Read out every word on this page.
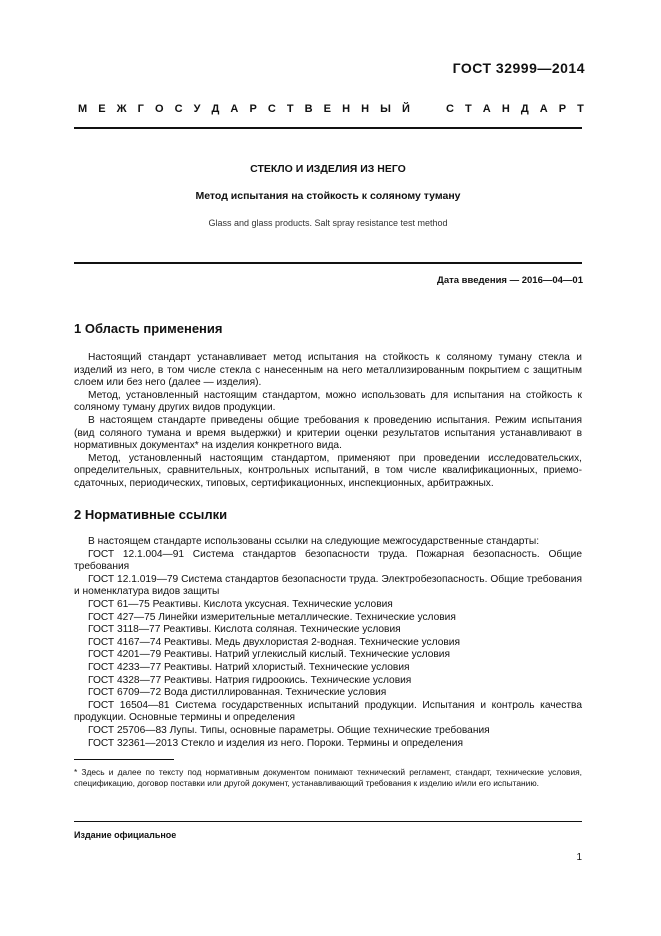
ГОСТ 32999—2014
М Е Ж Г О С У Д А Р С Т В Е Н Н Ы Й	С Т А Н Д А Р Т
СТЕКЛО И ИЗДЕЛИЯ ИЗ НЕГО
Метод испытания на стойкость к соляному туману
Glass and glass products. Salt spray resistance test method
Дата введения — 2016—04—01
1 Область применения

Настоящий стандарт устанавливает метод испытания на стойкость к соляному туману стекла и изделий из него, в том числе стекла с нанесенным на него металлизированным покрытием с защитным слоем или без него (далее — изделия).

Метод, установленный настоящим стандартом, можно использовать для испытания на стойкость к соляному туману других видов продукции.

В настоящем стандарте приведены общие требования к проведению испытания. Режим испытания (вид соляного тумана и время выдержки) и критерии оценки результатов испытания устанавливают в нормативных документах* на изделия конкретного вида.

Метод, установленный настоящим стандартом, применяют при проведении исследовательских, определительных, сравнительных, контрольных испытаний, в том числе квалификационных, приемо-сдаточных, периодических, типовых, сертификационных, инспекционных, арбитражных.

2 Нормативные ссылки

В настоящем стандарте использованы ссылки на следующие межгосударственные стандарты:

ГОСТ 12.1.004—91 Система стандартов безопасности труда. Пожарная безопасность. Общие требования

ГОСТ 12.1.019—79 Система стандартов безопасности труда. Электробезопасность. Общие требования и номенклатура видов защиты

ГОСТ 61—75 Реактивы. Кислота уксусная. Технические условия

ГОСТ 427—75 Линейки измерительные металлические. Технические условия

ГОСТ 3118—77 Реактивы. Кислота соляная. Технические условия

ГОСТ 4167—74 Реактивы. Медь двухлористая 2-водная. Технические условия

ГОСТ 4201—79 Реактивы. Натрий углекислый кислый. Технические условия

ГОСТ 4233—77 Реактивы. Натрий хлористый. Технические условия

ГОСТ 4328—77 Реактивы. Натрия гидроокись. Технические условия

ГОСТ 6709—72 Вода дистиллированная. Технические условия

ГОСТ 16504—81 Система государственных испытаний продукции. Испытания и контроль качества продукции. Основные термины и определения

ГОСТ 25706—83 Лупы. Типы, основные параметры. Общие технические требования

ГОСТ 32361—2013 Стекло и изделия из него. Пороки. Термины и определения

* Здесь и далее по тексту под нормативным документом понимают технический регламент, стандарт, технические условия, спецификацию, договор поставки или другой документ, устанавливающий требования к изделию и/или его испытанию.
Издание официальное
1
